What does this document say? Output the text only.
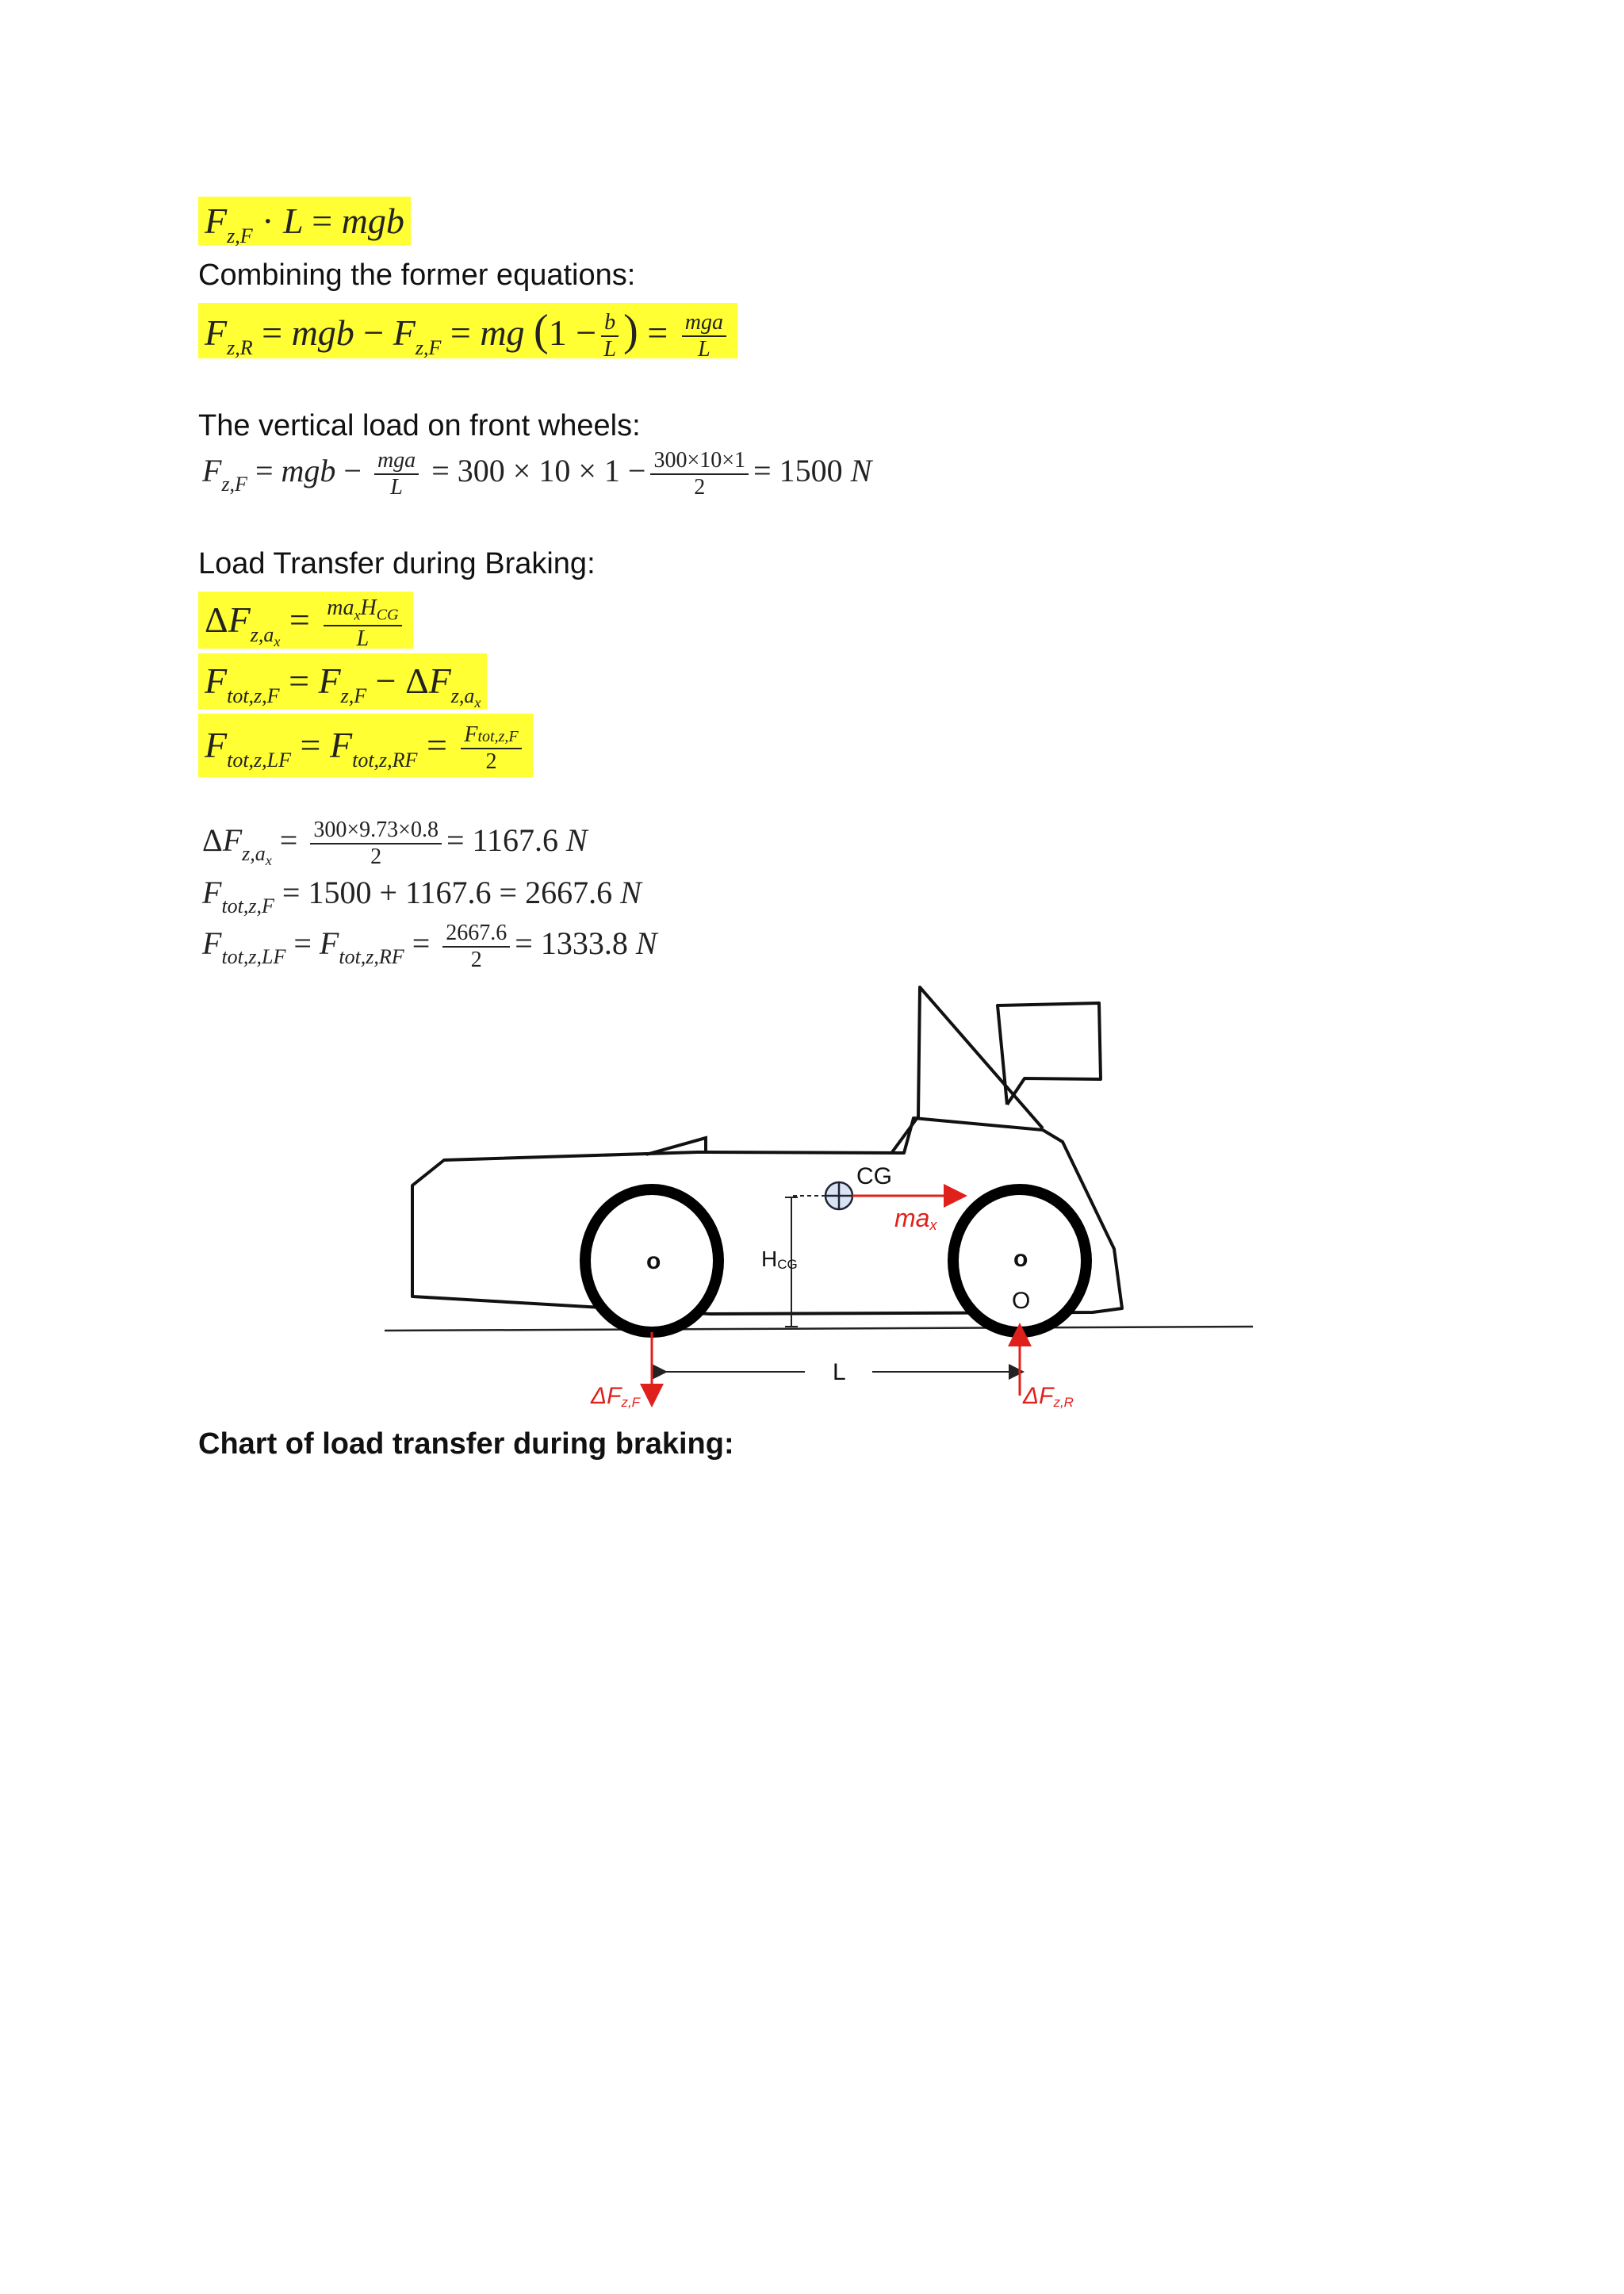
$F_{z,F} \cdot L$ = mgb
Combining the former equations:
$F_{z,R}$ = mgb − $F_{z,F}$ = mg ($1 - \frac{b}{L}$ ) = $\frac{\text{mga}}{L}$
The vertical load on front wheels:
$F_{z,F}$ = mgb − $\frac{\text{mga}}{L} = 300 \times 10 \times 1 - \frac{300\times 10\times 1}{2} = 1500$ N
Load Transfer during Braking:
$\Delta F_{z,a_x} = \frac{ma_xH_{CG}}{L}$
$F_{tot,z,F} = F_{z,F} - \Delta F_{z,a_x}$
$F_{tot,z,LF} = F_{tot,z,RF} = \frac{\text{Ftot,z,F}}{2}$
$\Delta F_{z,a_x} = \frac{300\times 9.73\times 0.8}{2} = 1167.6$ N
$F_{tot,z,F} = 1500 + 1167.6 = 2667.6$ N
$F_{tot,z,LF} = F_{tot,z,RF} = \frac{2667.6}{2} = 1333.8$ N
o	o
O
CG
max
HCG
L
ΔFz,F	ΔFz,R
Chart of load transfer during braking:
